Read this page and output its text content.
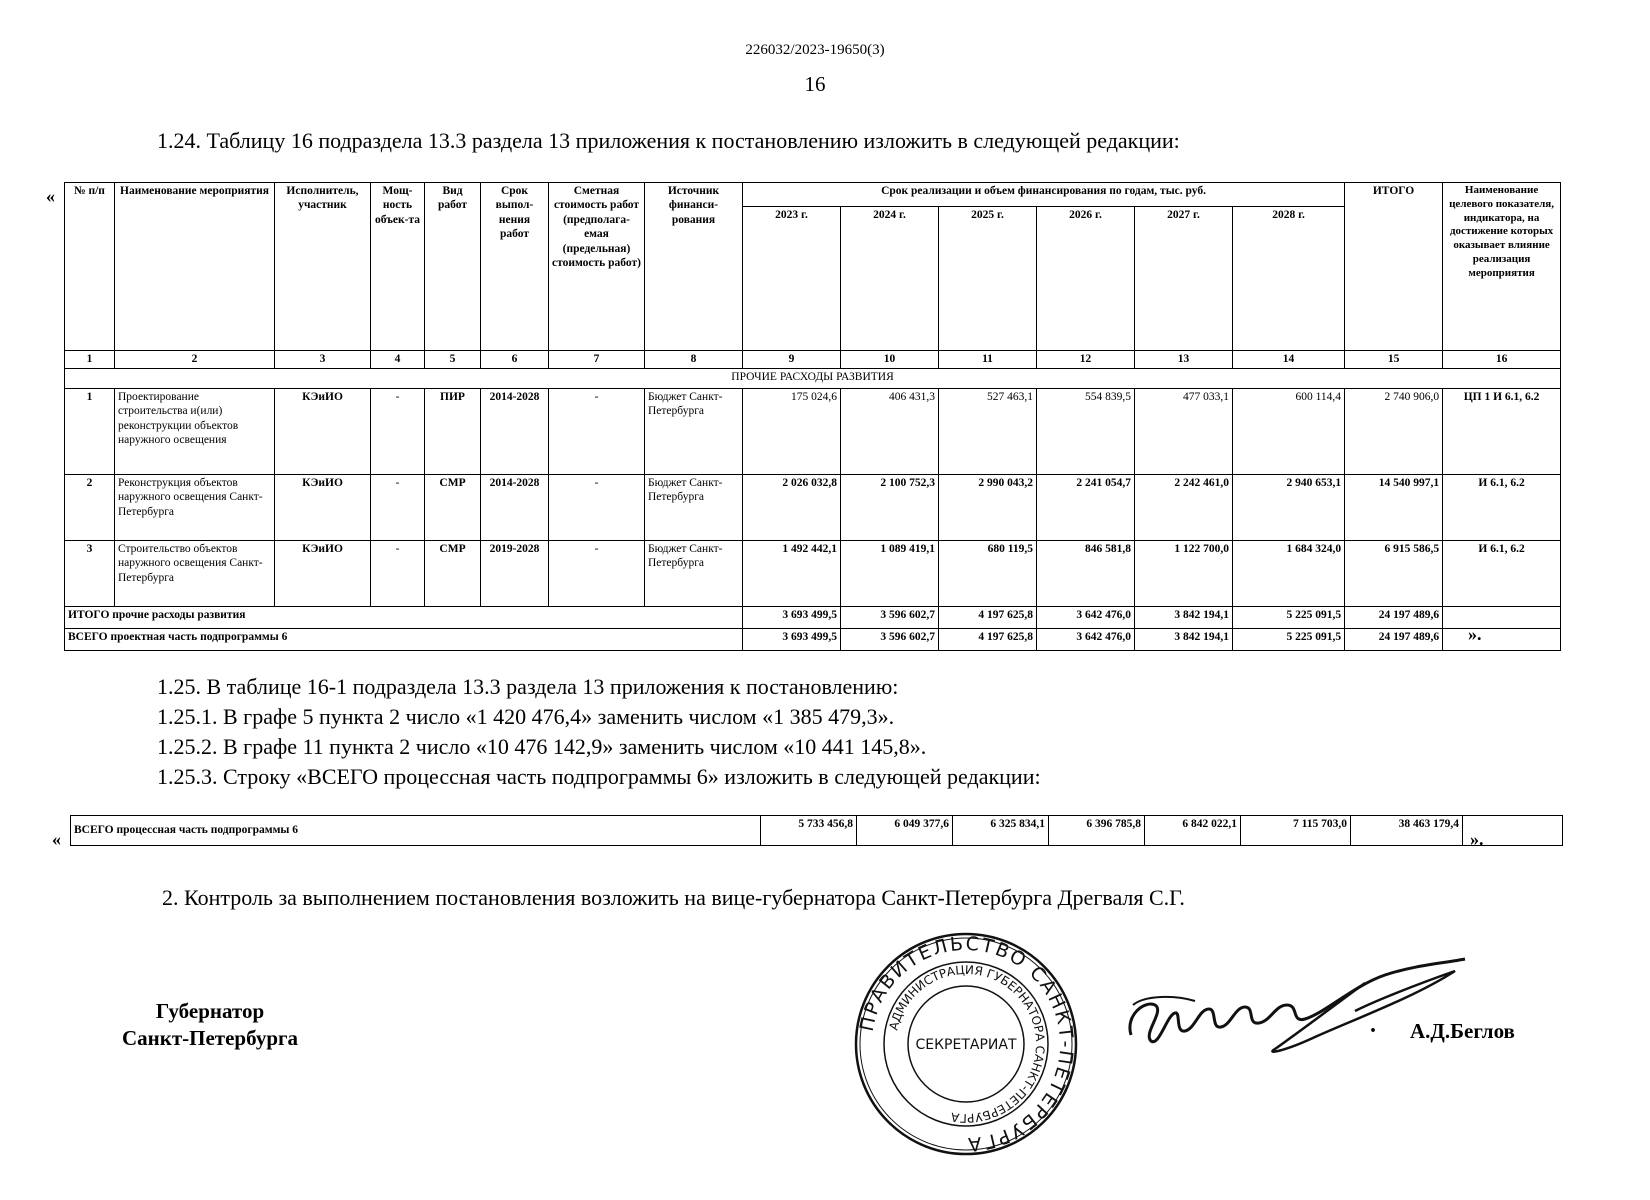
226032/2023-19650(3)
16
1.24. Таблицу 16 подраздела 13.3 раздела 13 приложения к постановлению изложить в следующей редакции:
« № п/п	Наименование мероприятия	Исполнитель, участник	Мощ-ность объек-та	Вид работ	Срок выпол-нения работ	Сметная стоимость работ (предполага-емая (предельная) стоимость работ)	Источник финанси-рования	Срок реализации и объем финансирования по годам, тыс. руб.						ИТОГО	Наименование целевого показателя, индикатора, на достижение которых оказывает влияние реализация мероприятия
								2023 г.	2024 г.	2025 г.	2026 г.	2027 г.	2028 г.		
1	2	3	4	5	6	7	8	9	10	11	12	13	14	15	16
ПРОЧИЕ РАСХОДЫ РАЗВИТИЯ															
1	Проектирование строительства и(или) реконструкции объектов наружного освещения	КЭиИО	-	ПИР	2014-2028	-	Бюджет Санкт-Петербурга	175 024,6	406 431,3	527 463,1	554 839,5	477 033,1	600 114,4	2 740 906,0	ЦП 1 И 6.1, 6.2
2	Реконструкция объектов наружного освещения Санкт-Петербурга	КЭиИО	-	СМР	2014-2028	-	Бюджет Санкт-Петербурга	2 026 032,8	2 100 752,3	2 990 043,2	2 241 054,7	2 242 461,0	2 940 653,1	14 540 997,1	И 6.1, 6.2
3	Строительство объектов наружного освещения Санкт-Петербурга	КЭиИО	-	СМР	2019-2028	-	Бюджет Санкт-Петербурга	1 492 442,1	1 089 419,1	680 119,5	846 581,8	1 122 700,0	1 684 324,0	6 915 586,5	И 6.1, 6.2
ИТОГО прочие расходы развития								3 693 499,5	3 596 602,7	4 197 625,8	3 642 476,0	3 842 194,1	5 225 091,5	24 197 489,6	
ВСЕГО проектная часть подпрограммы 6								3 693 499,5	3 596 602,7	4 197 625,8	3 642 476,0	3 842 194,1	5 225 091,5	24 197 489,6	».
1.25. В таблице 16-1 подраздела 13.3 раздела 13 приложения к постановлению:
1.25.1. В графе 5 пункта 2 число «1 420 476,4» заменить числом «1 385 479,3».
1.25.2. В графе 11 пункта 2 число «10 476 142,9» заменить числом «10 441 145,8».
1.25.3. Строку «ВСЕГО процессная часть подпрограммы 6» изложить в следующей редакции:
« ВСЕГО процессная часть подпрограммы 6	5 733 456,8	6 049 377,6	6 325 834,1	6 396 785,8	6 842 022,1	7 115 703,0	38 463 179,4	
».
2. Контроль за выполнением постановления возложить на вице-губернатора Санкт-Петербурга Дрегваля С.Г.
Губернатор
Санкт-Петербурга
ПРАВИТЕЛЬСТВО САНКТ-ПЕТЕРБУРГА
АДМИНИСТРАЦИЯ ГУБЕРНАТОРА САНКТ-ПЕТЕРБУРГА
СЕКРЕТАРИАТ
. А.Д.Беглов
